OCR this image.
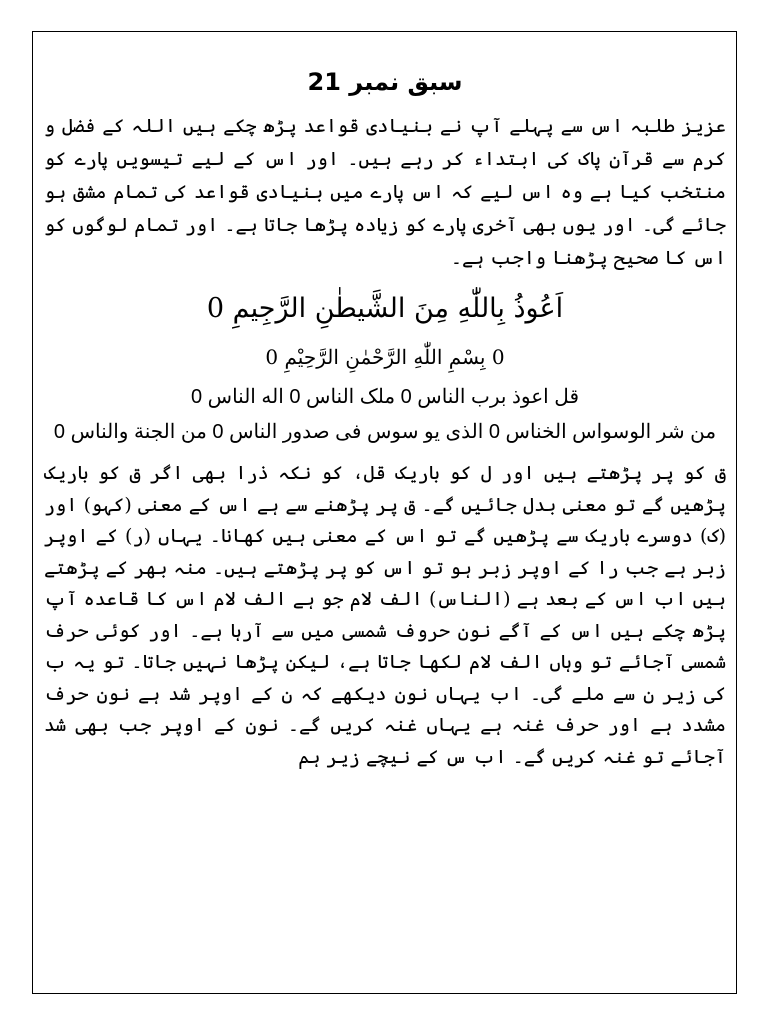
سبق نمبر 21

عزیز طلبہ اس سے پہلے آپ نے بنیادی قواعد پڑھ چکے ہیں اللہ کے فضل و کرم سے قرآن پاک کی ابتداء کر رہے ہیں۔ اور اس کے لیے تیسویں پارے کو منتخب کیا ہے وہ اس لیے کہ اس پارے میں بنیادی قواعد کی تمام مشق ہو جائے گی۔ اور یوں بھی آخری پارے کو زیادہ پڑھا جاتا ہے۔ اور تمام لوگوں کو اس کا صحیح پڑھنا واجب ہے۔

اَعُوذُ بِاللّٰهِ مِنَ الشَّيطٰنِ الرَّجِيمِ 0

0 بِسْمِ اللّٰهِ الرَّحْمٰنِ الرَّحِيْمِ 0

قل اعوذ برب الناس 0 ملک الناس 0 اله الناس 0

من شر الوسواس الخناس 0 الذی یو سوس فی صدور الناس 0 من الجنة والناس 0

ق کو پر پڑھتے ہیں اور ل کو باریک قل، کو نکہ ذرا بھی اگر ق کو باریک پڑھیں گے تو معنی بدل جائیں گے۔ ق پر پڑھنے سے ہے اس کے معنی (کہو) اور (ک) دوسرے باریک سے پڑھیں گے تو اس کے معنی ہیں کھانا۔ یہاں (ر) کے اوپر زبر ہے جب را کے اوپر زبر ہو تو اس کو پر پڑھتے ہیں۔ منہ بھر کے پڑھتے ہیں اب اس کے بعد ہے (الناس) الف لام جو ہے الف لام اس کا قاعدہ آپ پڑھ چکے ہیں اس کے آگے نون حروف شمسی میں سے آرہا ہے۔ اور کوئی حرف شمسی آجائے تو وہاں الف لام لکھا جاتا ہے، لیکن پڑھا نہیں جاتا۔ تو یہ ب کی زیر ن سے ملے گی۔ اب یہاں نون دیکھے کہ ن کے اوپر شد ہے نون حرف مشدد ہے اور حرف غنہ ہے یہاں غنہ کریں گے۔ نون کے اوپر جب بھی شد آجائے تو غنہ کریں گے۔ اب س کے نیچے زیر ہم
